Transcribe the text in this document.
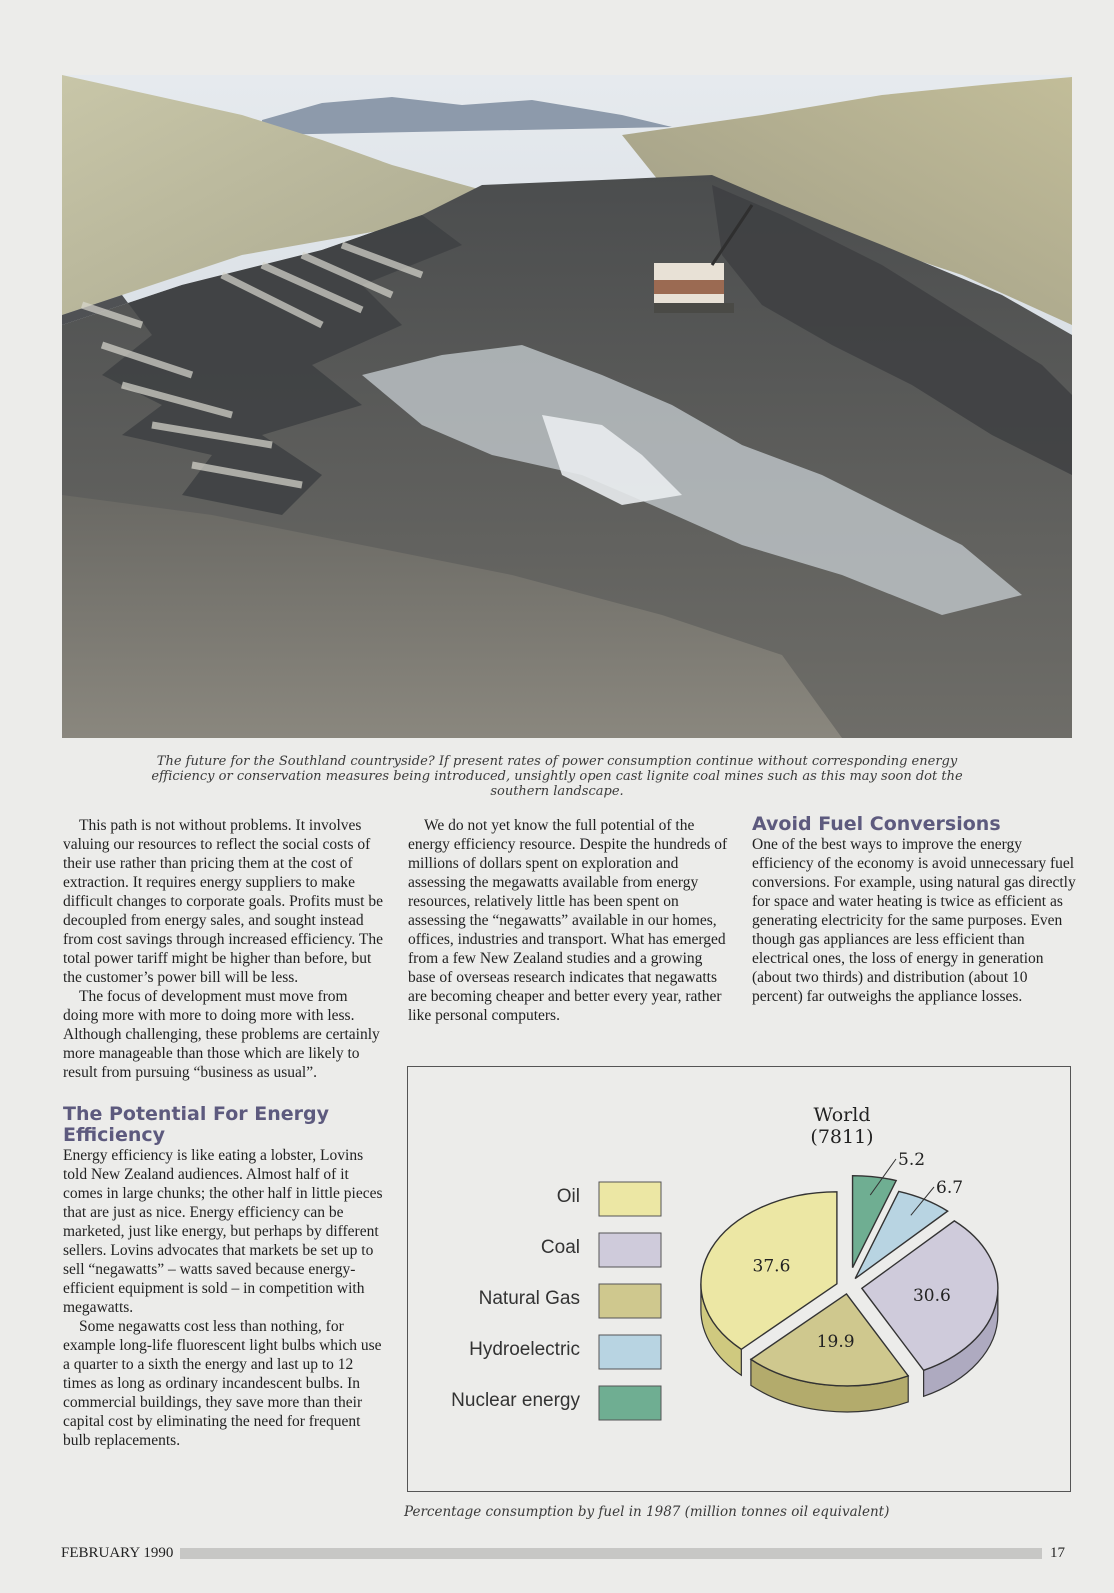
The future for the Southland countryside? If present rates of power consumption continue without corresponding energy efficiency or conservation measures being introduced, unsightly open cast lignite coal mines such as this may soon dot the southern landscape.

This path is not without problems. It involves valuing our resources to reflect the social costs of their use rather than pricing them at the cost of extraction. It requires energy suppliers to make difficult changes to corporate goals. Profits must be decoupled from energy sales, and sought instead from cost savings through increased efficiency. The total power tariff might be higher than before, but the customer’s power bill will be less.

The focus of development must move from doing more with more to doing more with less. Although challenging, these problems are certainly more manageable than those which are likely to result from pursuing “business as usual”.

The Potential For Energy Efficiency

Energy efficiency is like eating a lobster, Lovins told New Zealand audiences. Almost half of it comes in large chunks; the other half in little pieces that are just as nice. Energy efficiency can be marketed, just like energy, but perhaps by different sellers. Lovins advocates that markets be set up to sell “negawatts” – watts saved because energy-efficient equipment is sold – in competition with megawatts.

Some negawatts cost less than nothing, for example long-life fluorescent light bulbs which use a quarter to a sixth the energy and last up to 12 times as long as ordinary incandescent bulbs. In commercial buildings, they save more than their capital cost by eliminating the need for frequent bulb replacements.

We do not yet know the full potential of the energy efficiency resource. Despite the hundreds of millions of dollars spent on exploration and assessing the megawatts available from energy resources, relatively little has been spent on assessing the “negawatts” available in our homes, offices, industries and transport. What has emerged from a few New Zealand studies and a growing base of overseas research indicates that negawatts are becoming cheaper and better every year, rather like personal computers.

Avoid Fuel Conversions

One of the best ways to improve the energy efficiency of the economy is avoid unnecessary fuel conversions. For example, using natural gas directly for space and water heating is twice as efficient as generating electricity for the same purposes. Even though gas appliances are less efficient than electrical ones, the loss of energy in generation (about two thirds) and distribution (about 10 percent) far outweighs the appliance losses.

World
(7811)
Oil
Coal
Natural Gas
Hydroelectric
Nuclear energy
5.2
6.7
30.6
19.9
37.6
Percentage consumption by fuel in 1987 (million tonnes oil equivalent)
FEBRUARY 1990	17
